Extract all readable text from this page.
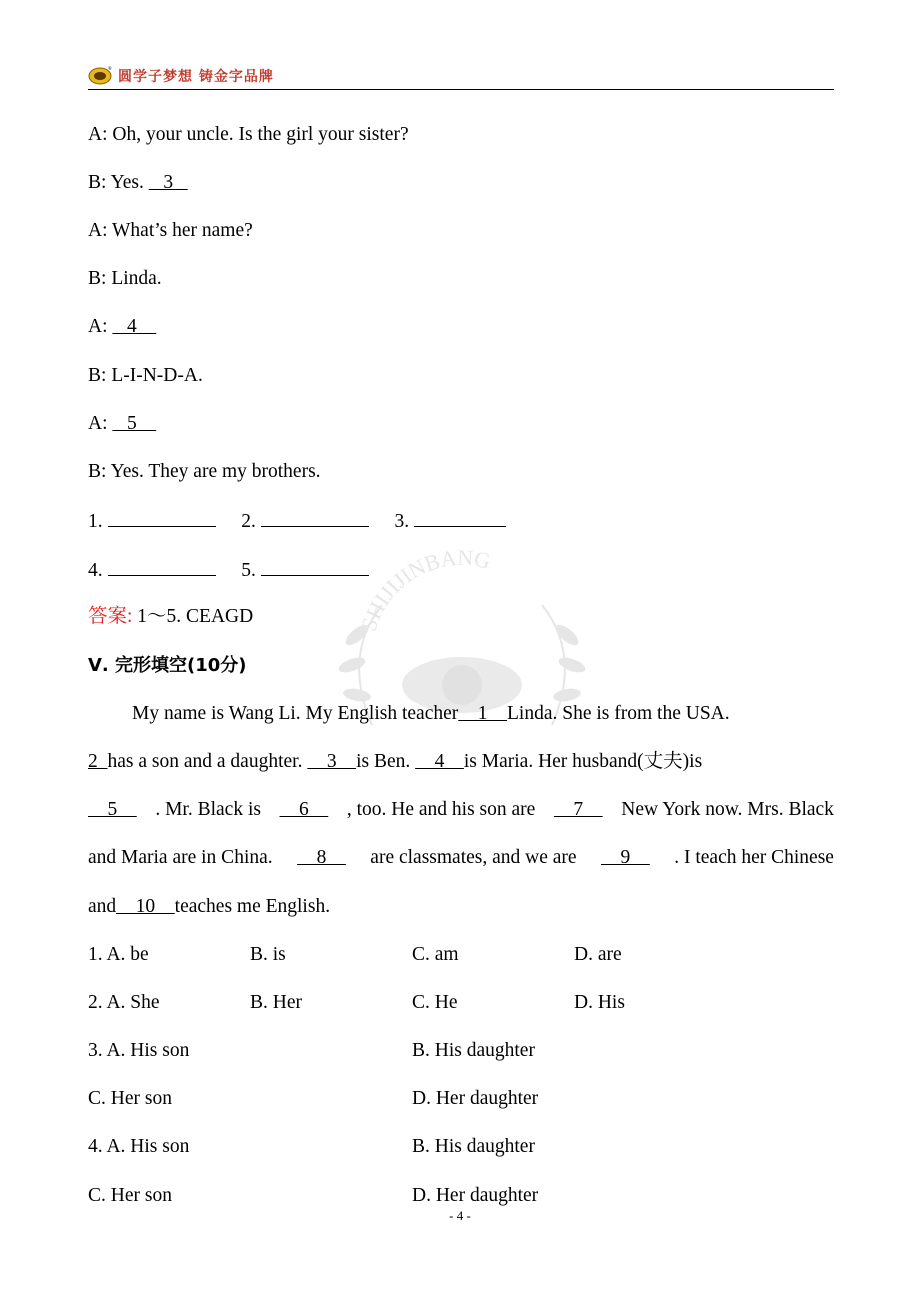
® 圆学子梦想 铸金字品牌
SHIJIJINBANG
A: Oh, your uncle. Is the girl your sister?
B: Yes.    3
A: What’s her name?
B: Linda.
A:    4
B: L-I-N-D-A.
A:    5
B: Yes. They are my brothers.
1.	2.	3.
4.	5.
答案: 1～5. CEAGD
Ⅴ. 完形填空(10分)
My name is Wang Li. My English teacher    1    Linda. She is from the USA.
2  has a son and a daughter.     3    is Ben.     4    is Maria. Her husband(丈夫)is
5 . Mr. Black is 6 , too. He and his son are 7 New York now. Mrs. Black
and Maria are in China. 8 are classmates, and we are 9 . I teach her Chinese
and    10    teaches me English.
1. A. be	B. is	C. am	D. are
2. A. She	B. Her	C. He	D. His
3. A. His son	B. His daughter
C. Her son	D. Her daughter
4. A. His son	B. His daughter
C. Her son	D. Her daughter
- 4 -
